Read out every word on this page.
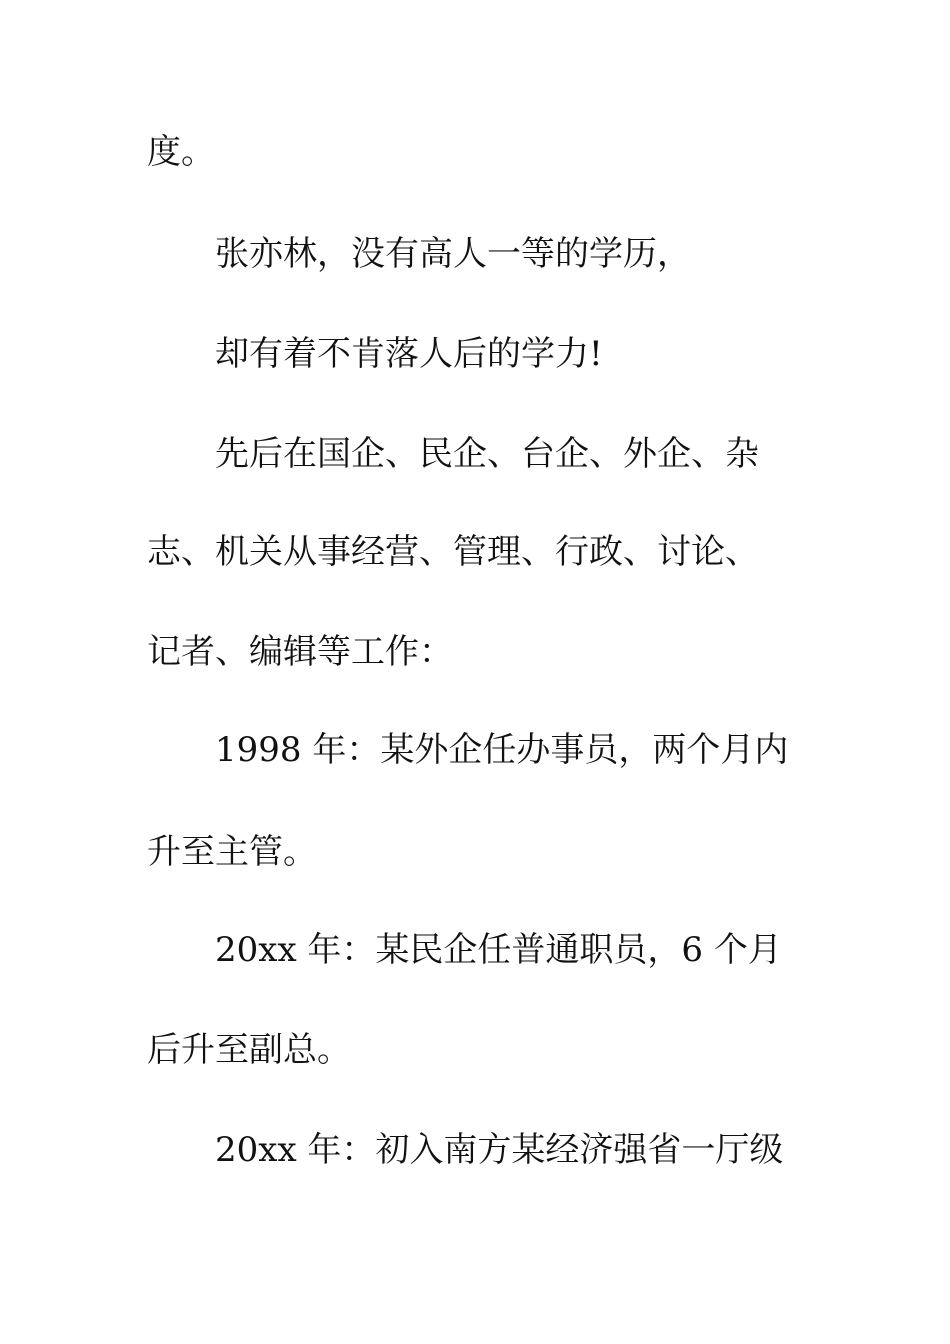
度。
张亦林，没有高人一等的学历，
却有着不肯落人后的学力!
先后在国企、民企、台企、外企、杂
志、机关从事经营、管理、行政、讨论、
记者、编辑等工作：
1998 年：某外企任办事员，两个月内
升至主管。
20xx 年：某民企任普通职员，6 个月
后升至副总。
20xx 年：初入南方某经济强省一厅级
